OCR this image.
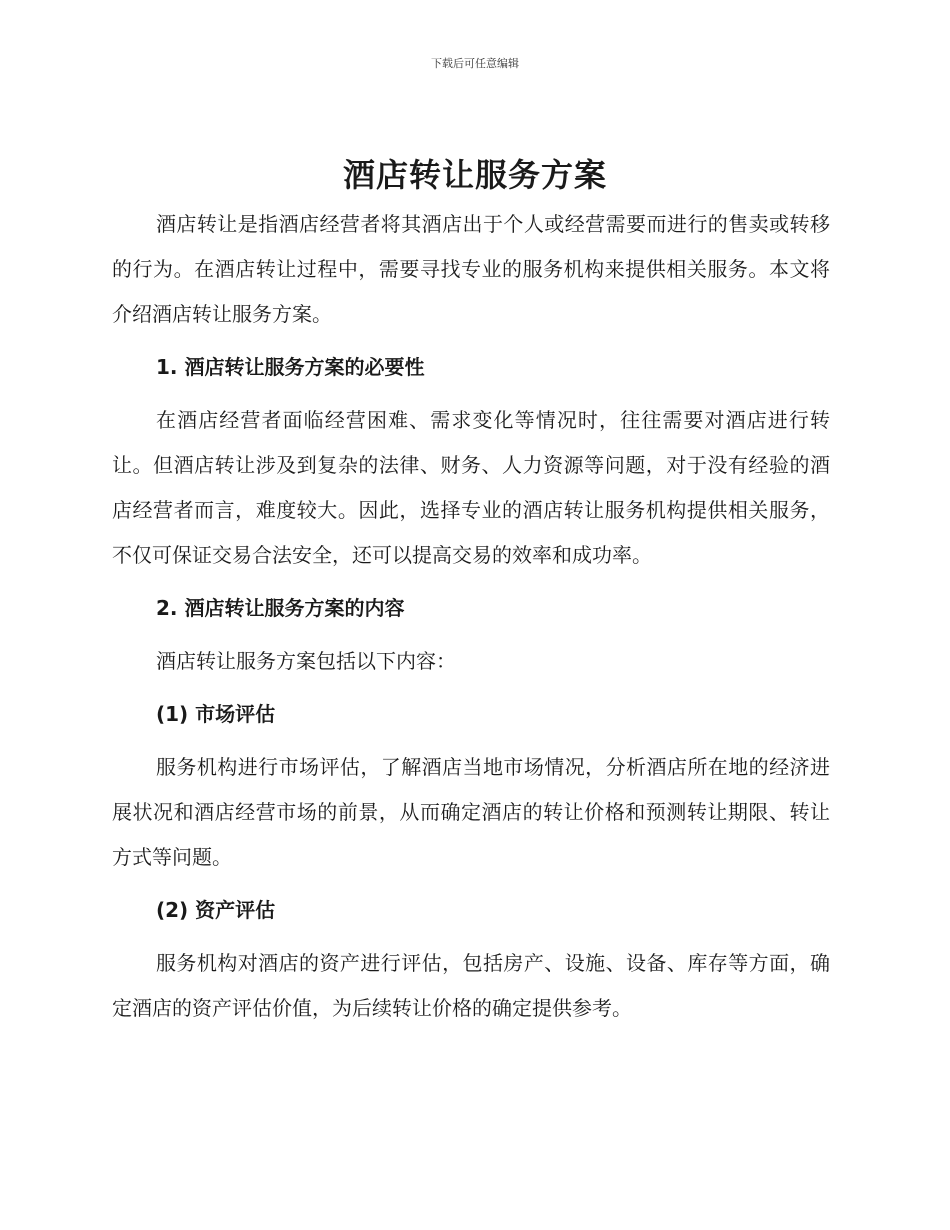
下载后可任意编辑
酒店转让服务方案

酒店转让是指酒店经营者将其酒店出于个人或经营需要而进行的售卖或转移的行为。在酒店转让过程中，需要寻找专业的服务机构来提供相关服务。本文将介绍酒店转让服务方案。

1. 酒店转让服务方案的必要性

在酒店经营者面临经营困难、需求变化等情况时，往往需要对酒店进行转让。但酒店转让涉及到复杂的法律、财务、人力资源等问题，对于没有经验的酒店经营者而言，难度较大。因此，选择专业的酒店转让服务机构提供相关服务，不仅可保证交易合法安全，还可以提高交易的效率和成功率。

2. 酒店转让服务方案的内容

酒店转让服务方案包括以下内容：

(1) 市场评估

服务机构进行市场评估，了解酒店当地市场情况，分析酒店所在地的经济进展状况和酒店经营市场的前景，从而确定酒店的转让价格和预测转让期限、转让方式等问题。

(2) 资产评估

服务机构对酒店的资产进行评估，包括房产、设施、设备、库存等方面，确定酒店的资产评估价值，为后续转让价格的确定提供参考。
